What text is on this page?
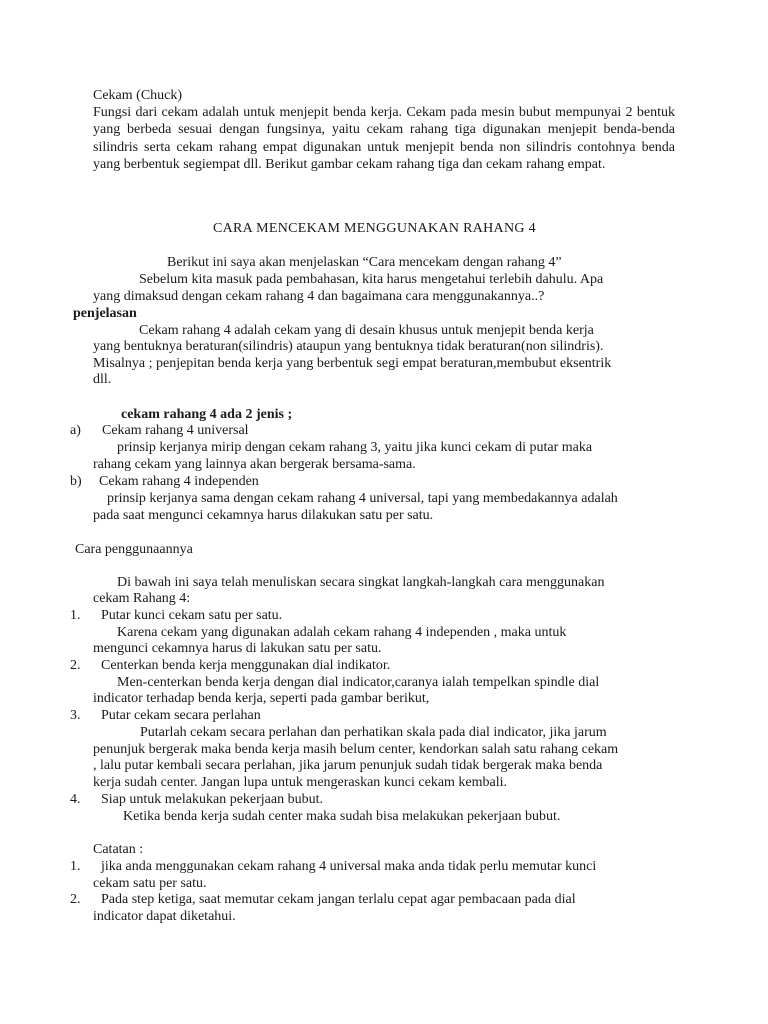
Cekam (Chuck)
Fungsi dari cekam adalah untuk menjepit benda kerja. Cekam pada mesin bubut mempunyai 2 bentuk yang berbeda sesuai dengan fungsinya, yaitu cekam rahang tiga digunakan menjepit benda-benda silindris serta cekam rahang empat digunakan untuk menjepit benda non silindris contohnya benda yang berbentuk segiempat dll. Berikut gambar cekam rahang tiga dan cekam rahang empat.
CARA MENCEKAM MENGGUNAKAN RAHANG 4
Berikut ini saya akan menjelaskan “Cara mencekam dengan rahang 4”
Sebelum kita masuk pada pembahasan, kita harus mengetahui terlebih dahulu. Apa
yang dimaksud dengan cekam rahang 4 dan bagaimana cara menggunakannya..?
penjelasan
Cekam rahang 4 adalah cekam yang di desain khusus untuk menjepit benda kerja
yang bentuknya beraturan(silindris) ataupun yang bentuknya tidak beraturan(non silindris).
Misalnya ; penjepitan benda kerja yang berbentuk segi empat beraturan,membubut eksentrik
dll.
cekam rahang 4 ada 2 jenis ;
a) Cekam rahang 4 universal
prinsip kerjanya mirip dengan cekam rahang 3, yaitu jika kunci cekam di putar maka
rahang cekam yang lainnya akan bergerak bersama-sama.
b) Cekam rahang 4 independen
prinsip kerjanya sama dengan cekam rahang 4 universal, tapi yang membedakannya adalah
pada saat mengunci cekamnya harus dilakukan satu per satu.
Cara penggunaannya
Di bawah ini saya telah menuliskan secara singkat langkah-langkah cara menggunakan
cekam Rahang 4:
1. Putar kunci cekam satu per satu.
Karena cekam yang digunakan adalah cekam rahang 4 independen , maka untuk
mengunci cekamnya harus di lakukan satu per satu.
2. Centerkan benda kerja menggunakan dial indikator.
Men-centerkan benda kerja dengan dial indicator,caranya ialah tempelkan spindle dial
indicator terhadap benda kerja, seperti pada gambar berikut,
3. Putar cekam secara perlahan
Putarlah cekam secara perlahan dan perhatikan skala pada dial indicator, jika jarum
penunjuk bergerak maka benda kerja masih belum center, kendorkan salah satu rahang cekam
, lalu putar kembali secara perlahan, jika jarum penunjuk sudah tidak bergerak maka benda
kerja sudah center. Jangan lupa untuk mengeraskan kunci cekam kembali.
4. Siap untuk melakukan pekerjaan bubut.
Ketika benda kerja sudah center maka sudah bisa melakukan pekerjaan bubut.
Catatan :
1. jika anda menggunakan cekam rahang 4 universal maka anda tidak perlu memutar kunci
cekam satu per satu.
2. Pada step ketiga, saat memutar cekam jangan terlalu cepat agar pembacaan pada dial
indicator dapat diketahui.
